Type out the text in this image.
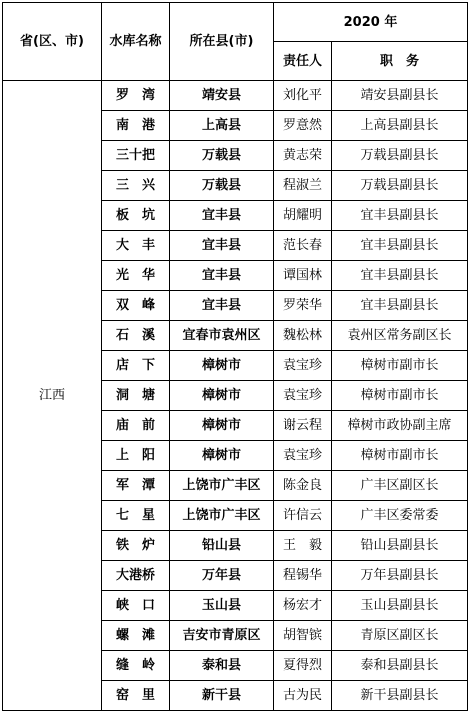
省(区、市)	水库名称	所在县(市)	2020 年	
			责任人	职　务
江西	罗　湾	靖安县	刘化平	靖安县副县长
	南　港	上高县	罗意然	上高县副县长
	三十把	万载县	黄志荣	万载县副县长
	三　兴	万载县	程淑兰	万载县副县长
	板　坑	宜丰县	胡耀明	宜丰县副县长
	大　丰	宜丰县	范长春	宜丰县副县长
	光　华	宜丰县	谭国林	宜丰县副县长
	双　峰	宜丰县	罗荣华	宜丰县副县长
	石　溪	宜春市袁州区	魏松林	袁州区常务副区长
	店　下	樟树市	袁宝珍	樟树市副市长
	洞　塘	樟树市	袁宝珍	樟树市副市长
	庙　前	樟树市	谢云程	樟树市政协副主席
	上　阳	樟树市	袁宝珍	樟树市副市长
	军　潭	上饶市广丰区	陈金良	广丰区副区长
	七　星	上饶市广丰区	许信云	广丰区委常委
	铁　炉	铅山县	王　毅	铅山县副县长
	大港桥	万年县	程锡华	万年县副县长
	峡　口	玉山县	杨宏才	玉山县副县长
	螺　滩	吉安市青原区	胡智镔	青原区副区长
	缝　岭	泰和县	夏得烈	泰和县副县长
	窑　里	新干县	古为民	新干县副县长
